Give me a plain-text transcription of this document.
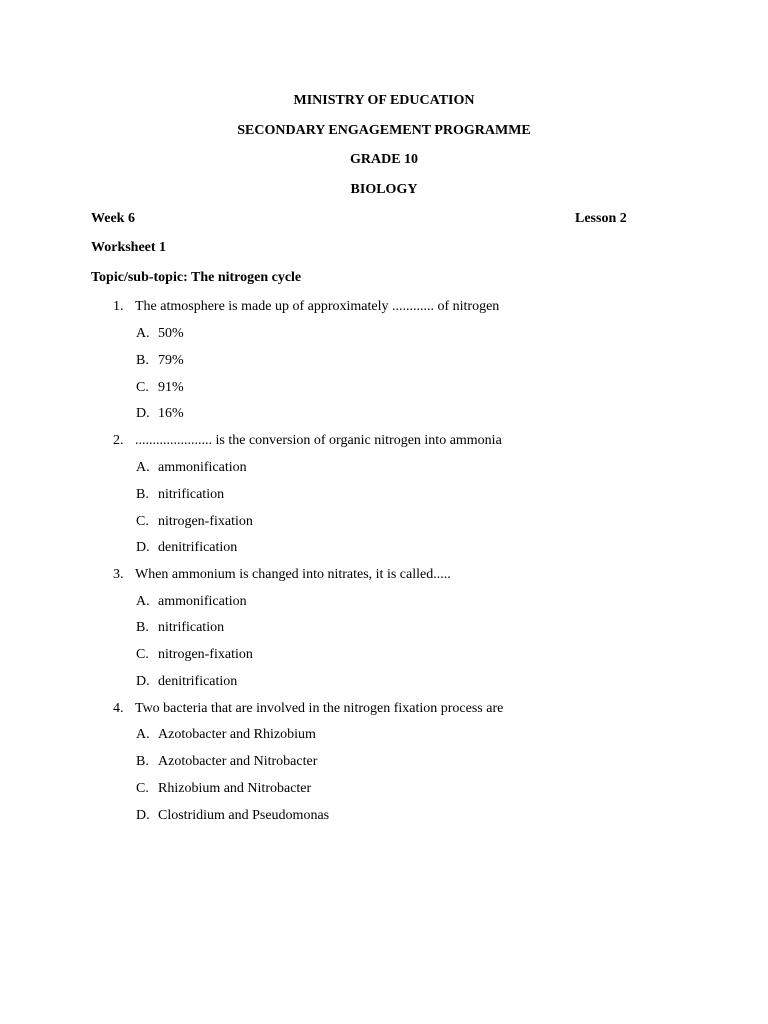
MINISTRY OF EDUCATION
SECONDARY ENGAGEMENT PROGRAMME
GRADE 10
BIOLOGY
Week 6	Lesson 2
Worksheet 1
Topic/sub-topic: The nitrogen cycle
1. The atmosphere is made up of approximately ............ of nitrogen
A. 50%
B. 79%
C. 91%
D. 16%
2. ...................... is the conversion of organic nitrogen into ammonia
A. ammonification
B. nitrification
C. nitrogen-fixation
D. denitrification
3. When ammonium is changed into nitrates, it is called.....
A. ammonification
B. nitrification
C. nitrogen-fixation
D. denitrification
4. Two bacteria that are involved in the nitrogen fixation process are
A. Azotobacter and Rhizobium
B. Azotobacter and Nitrobacter
C. Rhizobium and Nitrobacter
D. Clostridium and Pseudomonas
